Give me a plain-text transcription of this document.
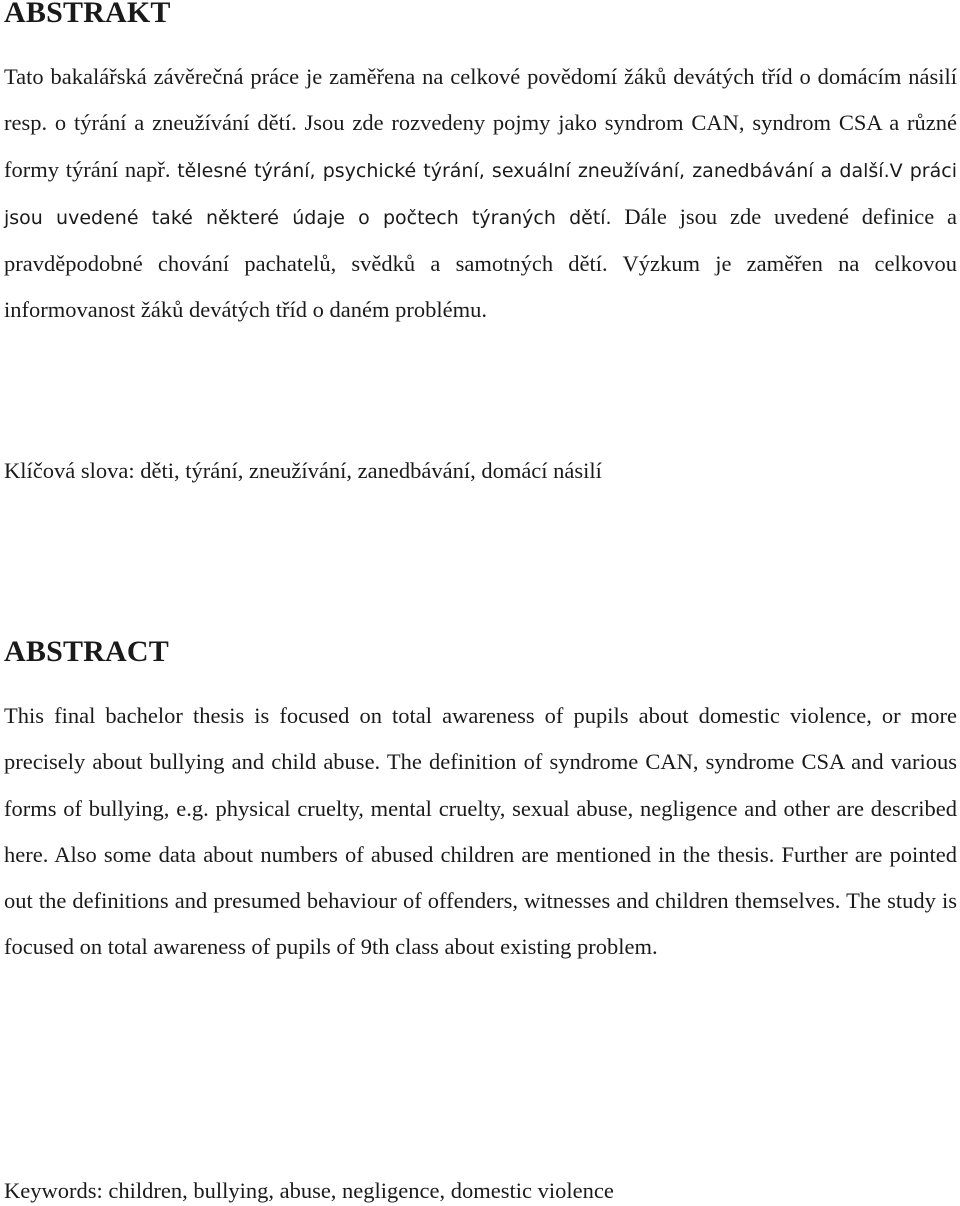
ABSTRAKT

Tato bakalářská závěrečná práce je zaměřena na celkové povědomí žáků devátých tříd o domácím násilí resp. o týrání a zneužívání dětí. Jsou zde rozvedeny pojmy jako syndrom CAN, syndrom CSA a různé formy týrání např. tělesné týrání, psychické týrání, sexuální zneužívání, zanedbávání a další.V práci jsou uvedené také některé údaje o počtech týraných dětí. Dále jsou zde uvedené definice a pravděpodobné chování pachatelů, svědků a samotných dětí. Výzkum je zaměřen na celkovou informovanost žáků devátých tříd o daném problému.

Klíčová slova: děti, týrání, zneužívání, zanedbávání, domácí násilí

ABSTRACT

This final bachelor thesis is focused on total awareness of pupils about domestic violence, or more precisely about bullying and child abuse. The definition of syndrome CAN, syndrome CSA and various forms of bullying, e.g. physical cruelty, mental cruelty, sexual abuse, negligence and other are described here. Also some data about numbers of abused children are mentioned in the thesis. Further are pointed out the definitions and presumed behaviour of offenders, witnesses and children themselves. The study is focused on total awareness of pupils of 9th class about existing problem.

Keywords: children, bullying, abuse, negligence, domestic violence
